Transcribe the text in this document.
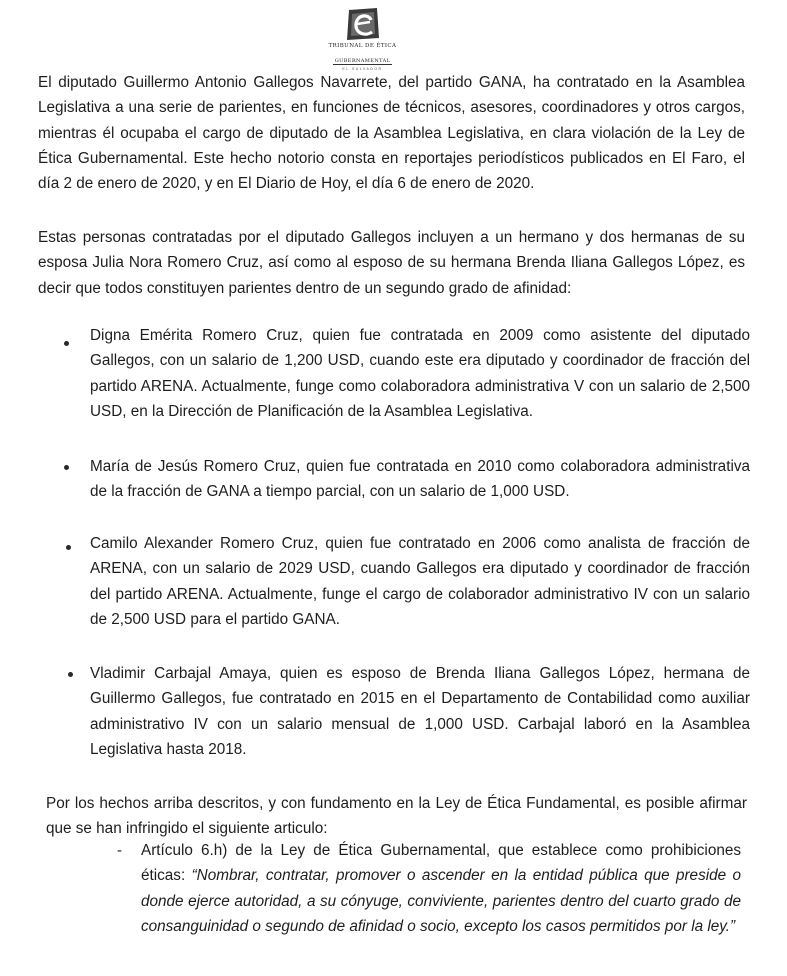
TRIBUNAL DE ÉTICA
GUBERNAMENTAL
EL SALVADOR

El diputado Guillermo Antonio Gallegos Navarrete, del partido GANA, ha contratado en la Asamblea Legislativa a una serie de parientes, en funciones de técnicos, asesores, coordinadores y otros cargos, mientras él ocupaba el cargo de diputado de la Asamblea Legislativa, en clara violación de la Ley de Ética Gubernamental. Este hecho notorio consta en reportajes periodísticos publicados en El Faro, el día 2 de enero de 2020, y en El Diario de Hoy, el día 6 de enero de 2020.

Estas personas contratadas por el diputado Gallegos incluyen a un hermano y dos hermanas de su esposa Julia Nora Romero Cruz, así como al esposo de su hermana Brenda Iliana Gallegos López, es decir que todos constituyen parientes dentro de un segundo grado de afinidad:

Digna Emérita Romero Cruz, quien fue contratada en 2009 como asistente del diputado Gallegos, con un salario de 1,200 USD, cuando este era diputado y coordinador de fracción del partido ARENA. Actualmente, funge como colaboradora administrativa V con un salario de 2,500 USD, en la Dirección de Planificación de la Asamblea Legislativa.

María de Jesús Romero Cruz, quien fue contratada en 2010 como colaboradora administrativa de la fracción de GANA a tiempo parcial, con un salario de 1,000 USD.

Camilo Alexander Romero Cruz, quien fue contratado en 2006 como analista de fracción de ARENA, con un salario de 2029 USD, cuando Gallegos era diputado y coordinador de fracción del partido ARENA. Actualmente, funge el cargo de colaborador administrativo IV con un salario de 2,500 USD para el partido GANA.

Vladimir Carbajal Amaya, quien es esposo de Brenda Iliana Gallegos López, hermana de Guillermo Gallegos, fue contratado en 2015 en el Departamento de Contabilidad como auxiliar administrativo IV con un salario mensual de 1,000 USD. Carbajal laboró en la Asamblea Legislativa hasta 2018.

Por los hechos arriba descritos, y con fundamento en la Ley de Ética Fundamental, es posible afirmar que se han infringido el siguiente articulo:

- Artículo 6.h) de la Ley de Ética Gubernamental, que establece como prohibiciones éticas: “Nombrar, contratar, promover o ascender en la entidad pública que preside o donde ejerce autoridad, a su cónyuge, conviviente, parientes dentro del cuarto grado de consanguinidad o segundo de afinidad o socio, excepto los casos permitidos por la ley.”
